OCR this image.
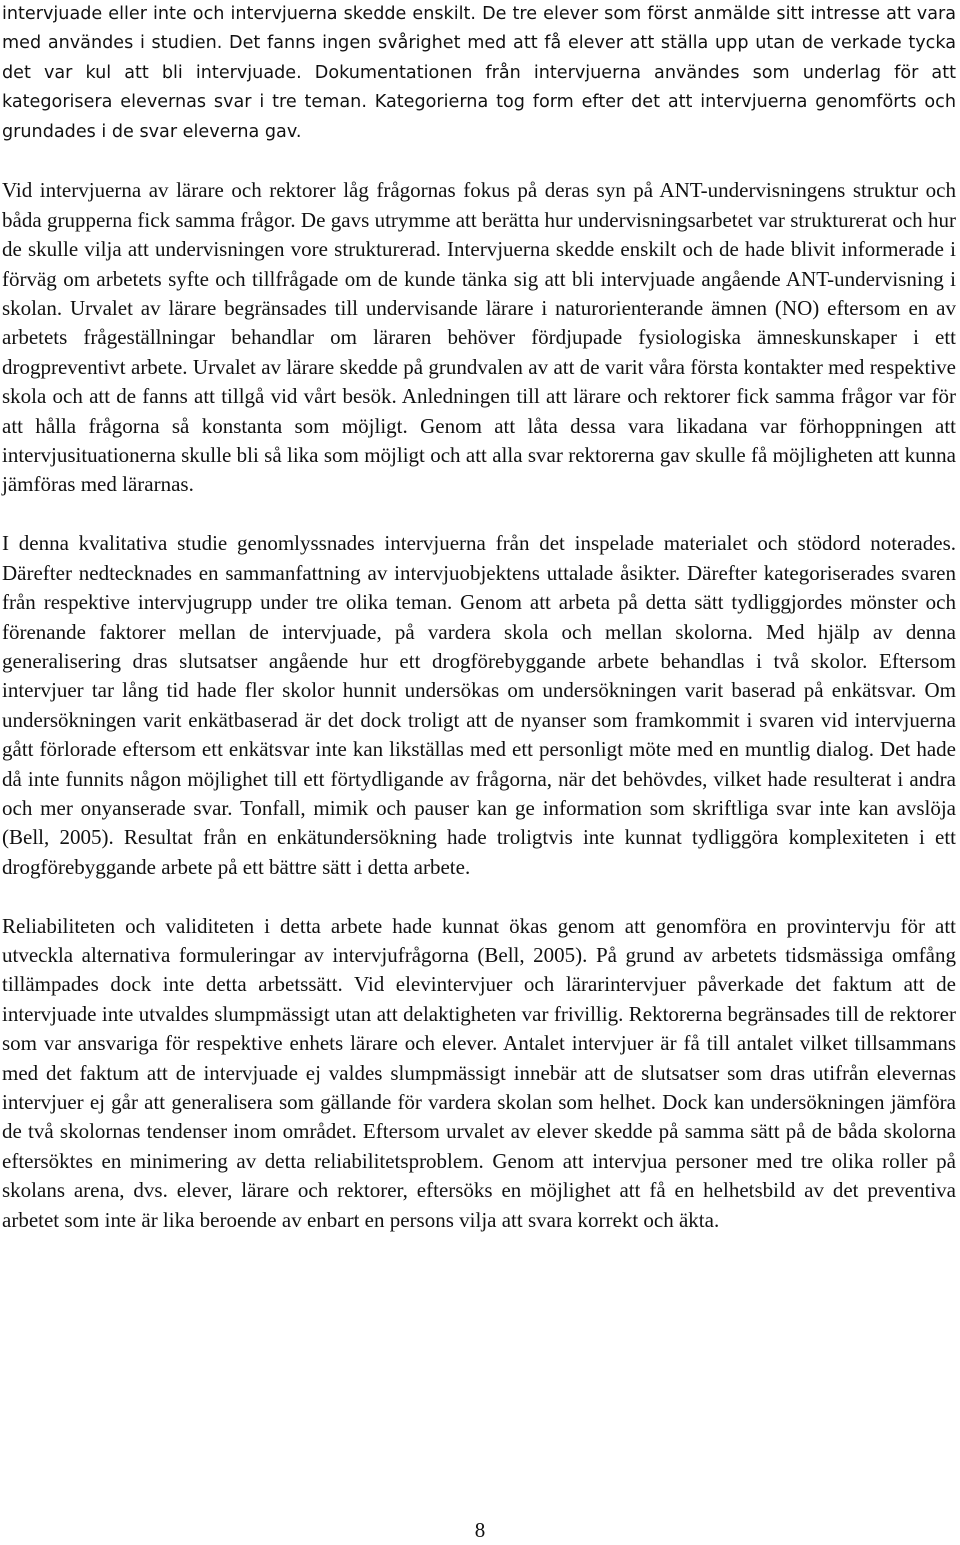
intervjuade eller inte och intervjuerna skedde enskilt. De tre elever som först anmälde sitt intresse att vara med användes i studien. Det fanns ingen svårighet med att få elever att ställa upp utan de verkade tycka det var kul att bli intervjuade. Dokumentationen från intervjuerna användes som underlag för att kategorisera elevernas svar i tre teman. Kategorierna tog form efter det att intervjuerna genomförts och grundades i de svar eleverna gav.

Vid intervjuerna av lärare och rektorer låg frågornas fokus på deras syn på ANT-undervisningens struktur och båda grupperna fick samma frågor. De gavs utrymme att berätta hur undervisningsarbetet var strukturerat och hur de skulle vilja att undervisningen vore strukturerad. Intervjuerna skedde enskilt och de hade blivit informerade i förväg om arbetets syfte och tillfrågade om de kunde tänka sig att bli intervjuade angående ANT-undervisning i skolan. Urvalet av lärare begränsades till undervisande lärare i naturorienterande ämnen (NO) eftersom en av arbetets frågeställningar behandlar om läraren behöver fördjupade fysiologiska ämneskunskaper i ett drogpreventivt arbete. Urvalet av lärare skedde på grundvalen av att de varit våra första kontakter med respektive skola och att de fanns att tillgå vid vårt besök. Anledningen till att lärare och rektorer fick samma frågor var för att hålla frågorna så konstanta som möjligt. Genom att låta dessa vara likadana var förhoppningen att intervjusituationerna skulle bli så lika som möjligt och att alla svar rektorerna gav skulle få möjligheten att kunna jämföras med lärarnas.

I denna kvalitativa studie genomlyssnades intervjuerna från det inspelade materialet och stödord noterades. Därefter nedtecknades en sammanfattning av intervjuobjektens uttalade åsikter. Därefter kategoriserades svaren från respektive intervjugrupp under tre olika teman. Genom att arbeta på detta sätt tydliggjordes mönster och förenande faktorer mellan de intervjuade, på vardera skola och mellan skolorna. Med hjälp av denna generalisering dras slutsatser angående hur ett drogförebyggande arbete behandlas i två skolor. Eftersom intervjuer tar lång tid hade fler skolor hunnit undersökas om undersökningen varit baserad på enkätsvar. Om undersökningen varit enkätbaserad är det dock troligt att de nyanser som framkommit i svaren vid intervjuerna gått förlorade eftersom ett enkätsvar inte kan likställas med ett personligt möte med en muntlig dialog. Det hade då inte funnits någon möjlighet till ett förtydligande av frågorna, när det behövdes, vilket hade resulterat i andra och mer onyanserade svar. Tonfall, mimik och pauser kan ge information som skriftliga svar inte kan avslöja (Bell, 2005). Resultat från en enkätundersökning hade troligtvis inte kunnat tydliggöra komplexiteten i ett drogförebyggande arbete på ett bättre sätt i detta arbete.

Reliabiliteten och validiteten i detta arbete hade kunnat ökas genom att genomföra en provintervju för att utveckla alternativa formuleringar av intervjufrågorna (Bell, 2005). På grund av arbetets tidsmässiga omfång tillämpades dock inte detta arbetssätt. Vid elevintervjuer och lärarintervjuer påverkade det faktum att de intervjuade inte utvaldes slumpmässigt utan att delaktigheten var frivillig. Rektorerna begränsades till de rektorer som var ansvariga för respektive enhets lärare och elever. Antalet intervjuer är få till antalet vilket tillsammans med det faktum att de intervjuade ej valdes slumpmässigt innebär att de slutsatser som dras utifrån elevernas intervjuer ej går att generalisera som gällande för vardera skolan som helhet. Dock kan undersökningen jämföra de två skolornas tendenser inom området. Eftersom urvalet av elever skedde på samma sätt på de båda skolorna eftersöktes en minimering av detta reliabilitetsproblem. Genom att intervjua personer med tre olika roller på skolans arena, dvs. elever, lärare och rektorer, eftersöks en möjlighet att få en helhetsbild av det preventiva arbetet som inte är lika beroende av enbart en persons vilja att svara korrekt och äkta.

8
